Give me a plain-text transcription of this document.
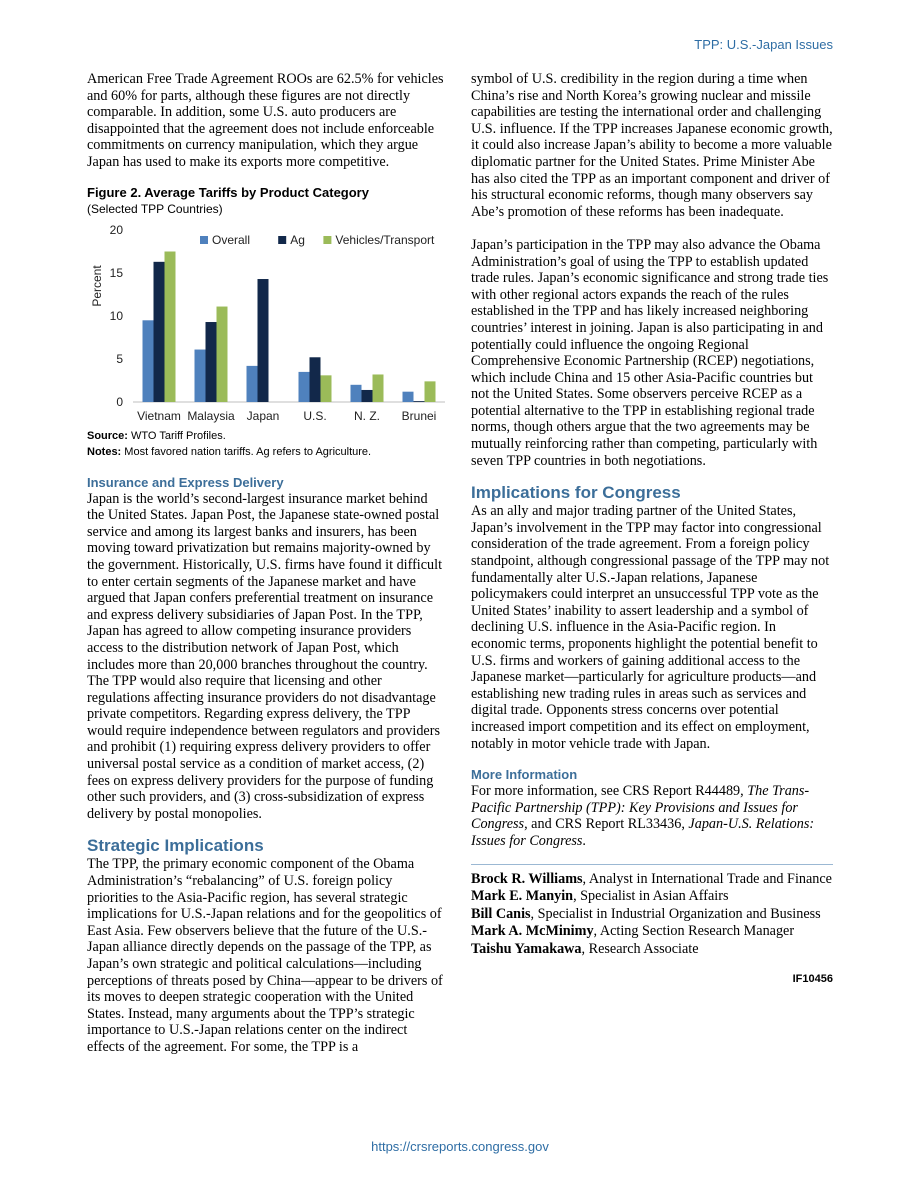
TPP: U.S.-Japan Issues

American Free Trade Agreement ROOs are 62.5% for vehicles and 60% for parts, although these figures are not directly comparable. In addition, some U.S. auto producers are disappointed that the agreement does not include enforceable commitments on currency manipulation, which they argue Japan has used to make its exports more competitive.

Figure 2. Average Tariffs by Product Category
(Selected TPP Countries)
Percent
0
5
10
15
20
Vietnam Malaysia Japan U.S. N. Z. Brunei
Overall	Ag	Vehicles/Transport
Source: WTO Tariff Profiles.
Notes: Most favored nation tariffs. Ag refers to Agriculture.
Insurance and Express Delivery

Japan is the world’s second-largest insurance market behind the United States. Japan Post, the Japanese state-owned postal service and among its largest banks and insurers, has been moving toward privatization but remains majority-owned by the government. Historically, U.S. firms have found it difficult to enter certain segments of the Japanese market and have argued that Japan confers preferential treatment on insurance and express delivery subsidiaries of Japan Post. In the TPP, Japan has agreed to allow competing insurance providers access to the distribution network of Japan Post, which includes more than 20,000 branches throughout the country. The TPP would also require that licensing and other regulations affecting insurance providers do not disadvantage private competitors. Regarding express delivery, the TPP would require independence between regulators and providers and prohibit (1) requiring express delivery providers to offer universal postal service as a condition of market access, (2) fees on express delivery providers for the purpose of funding other such providers, and (3) cross-subsidization of express delivery by postal monopolies.

Strategic Implications

The TPP, the primary economic component of the Obama Administration’s “rebalancing” of U.S. foreign policy priorities to the Asia-Pacific region, has several strategic implications for U.S.-Japan relations and for the geopolitics of East Asia. Few observers believe that the future of the U.S.-Japan alliance directly depends on the passage of the TPP, as Japan’s own strategic and political calculations—including perceptions of threats posed by China—appear to be drivers of its moves to deepen strategic cooperation with the United States. Instead, many arguments about the TPP’s strategic importance to U.S.-Japan relations center on the indirect effects of the agreement. For some, the TPP is a

symbol of U.S. credibility in the region during a time when China’s rise and North Korea’s growing nuclear and missile capabilities are testing the international order and challenging U.S. influence. If the TPP increases Japanese economic growth, it could also increase Japan’s ability to become a more valuable diplomatic partner for the United States. Prime Minister Abe has also cited the TPP as an important component and driver of his structural economic reforms, though many observers say Abe’s promotion of these reforms has been inadequate.

Japan’s participation in the TPP may also advance the Obama Administration’s goal of using the TPP to establish updated trade rules. Japan’s economic significance and strong trade ties with other regional actors expands the reach of the rules established in the TPP and has likely increased neighboring countries’ interest in joining. Japan is also participating in and potentially could influence the ongoing Regional Comprehensive Economic Partnership (RCEP) negotiations, which include China and 15 other Asia-Pacific countries but not the United States. Some observers perceive RCEP as a potential alternative to the TPP in establishing regional trade norms, though others argue that the two agreements may be mutually reinforcing rather than competing, particularly with seven TPP countries in both negotiations.

Implications for Congress

As an ally and major trading partner of the United States, Japan’s involvement in the TPP may factor into congressional consideration of the trade agreement. From a foreign policy standpoint, although congressional passage of the TPP may not fundamentally alter U.S.-Japan relations, Japanese policymakers could interpret an unsuccessful TPP vote as the United States’ inability to assert leadership and a symbol of declining U.S. influence in the Asia-Pacific region. In economic terms, proponents highlight the potential benefit to U.S. firms and workers of gaining additional access to the Japanese market—particularly for agriculture products—and establishing new trading rules in areas such as services and digital trade. Opponents stress concerns over potential increased import competition and its effect on employment, notably in motor vehicle trade with Japan.

More Information

For more information, see CRS Report R44489, The Trans-Pacific Partnership (TPP): Key Provisions and Issues for Congress, and CRS Report RL33436, Japan-U.S. Relations: Issues for Congress.

Brock R. Williams, Analyst in International Trade and Finance
Mark E. Manyin, Specialist in Asian Affairs
Bill Canis, Specialist in Industrial Organization and Business
Mark A. McMinimy, Acting Section Research Manager
Taishu Yamakawa, Research Associate
IF10456
https://crsreports.congress.gov
